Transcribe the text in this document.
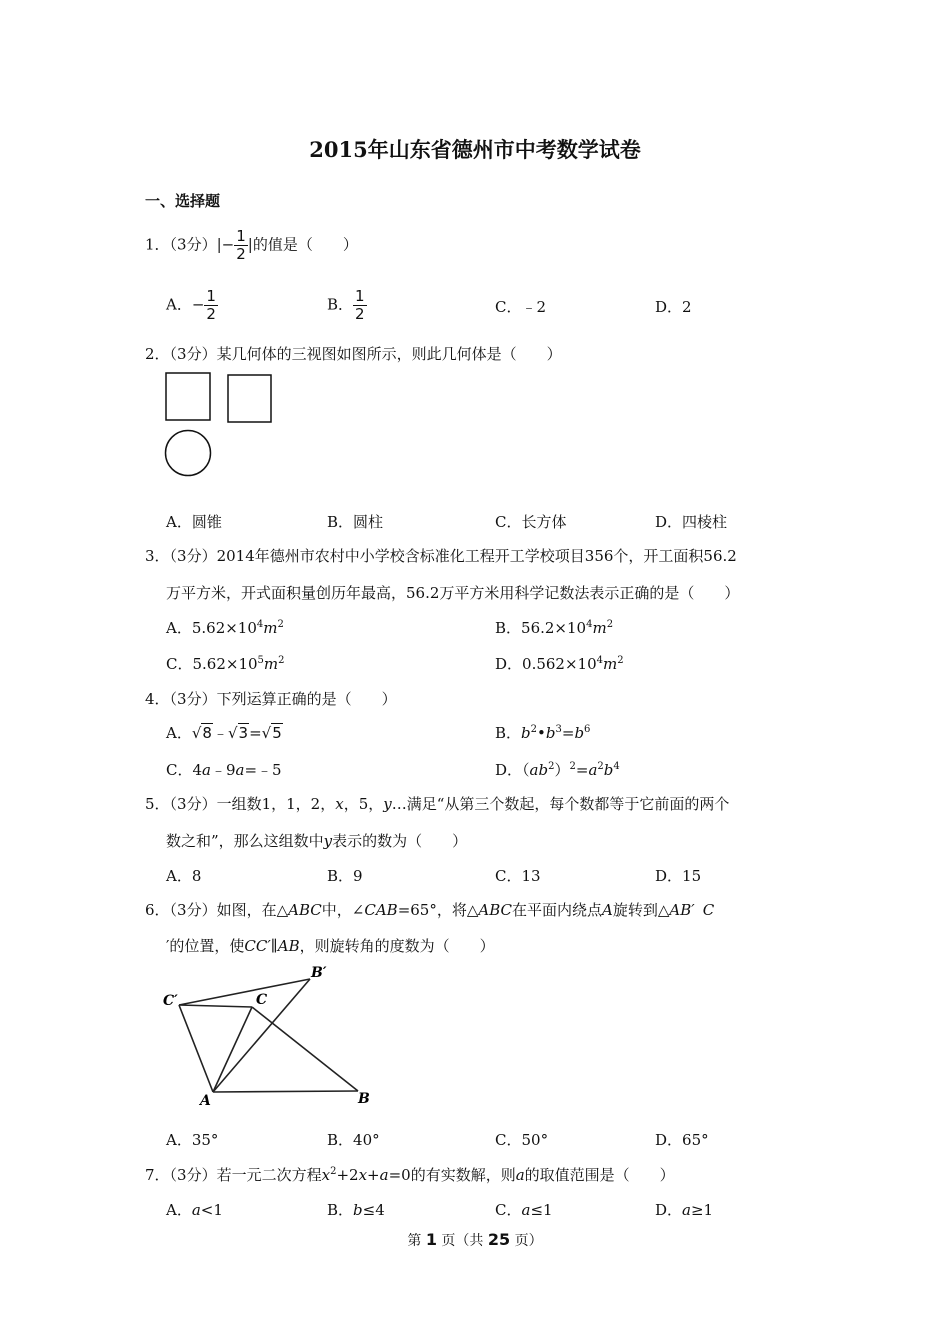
2015年山东省德州市中考数学试卷
一、选择题
1．（3分）|− $\frac{1}{2}$ |的值是（　　）
A．− $\frac{1}{2}$	B． $\frac{1}{2}$	C．﹣2	D．2
2．（3分）某几何体的三视图如图所示，则此几何体是（　　）
A．圆锥	B．圆柱	C．长方体	D．四棱柱
3．（3分）2014年德州市农村中小学校含标准化工程开工学校项目356个，开工面积56.2
万平方米，开式面积量创历年最高，56.2万平方米用科学记数法表示正确的是（　　）
A．$5.62\times 10^4m^2$	B．$56.2\times 10^4m^2$
C．$5.62\times 10^5m^2$	D．$0.562\times 10^4m^2$
4．（3分）下列运算正确的是（　　）
A．√8﹣√3=√5	B．$b^2•b^3=b^6$
C．4a﹣9a=﹣5	D．$(ab^2)^2=a^2b^4$
5．（3分）一组数1，1，2，x，5，y…满足“从第三个数起，每个数都等于它前面的两个
数之和”，那么这组数中y表示的数为（　　）
A．8	B．9	C．13	D．15
6．（3分）如图，在△ABC中，∠CAB=65°，将△ABC在平面内绕点A旋转到△AB′ C
′的位置，使CC′∥AB，则旋转角的度数为（　　）
C′	C
B′
A	B
A．35°	B．40°	C．50°	D．65°
7．（3分）若一元二次方程$x^2+2x+a=0$的有实数解，则a的取值范围是（　　）
A．a<1	B．b≤4	C．a≤1	D．a≥1
第 1 页（共 25 页）
